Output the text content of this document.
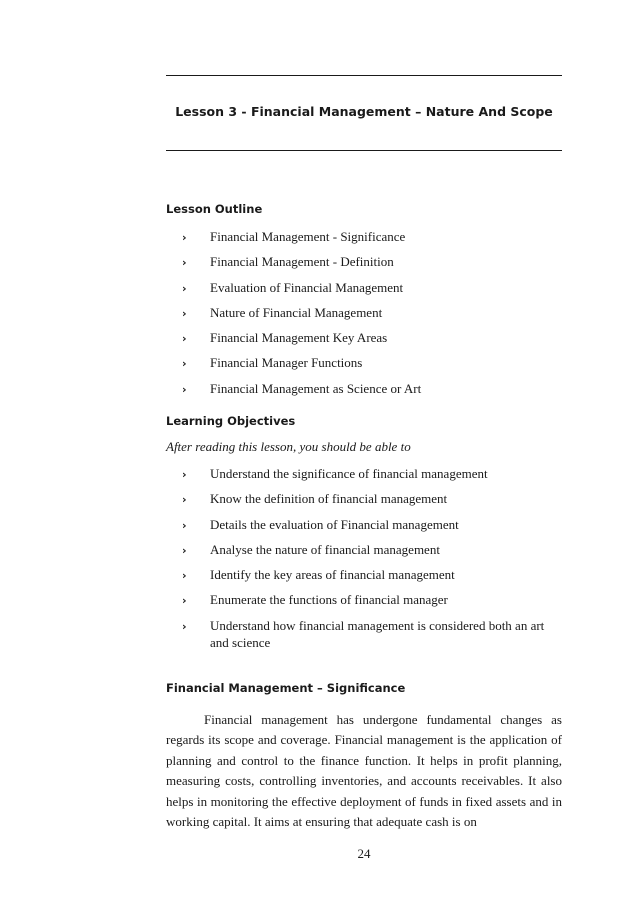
Lesson 3 - Financial Management – Nature And Scope
Lesson Outline
› Financial Management - Significance
› Financial Management - Definition
› Evaluation of Financial Management
› Nature of Financial Management
› Financial Management Key Areas
› Financial Manager Functions
› Financial Management as Science or Art
Learning Objectives
After reading this lesson, you should be able to
› Understand the significance of financial management
› Know the definition of financial management
› Details the evaluation of Financial management
› Analyse the nature of financial management
› Identify the key areas of financial management
› Enumerate the functions of financial manager
› Understand how financial management is considered both an art and science
Financial Management – Significance

Financial management has undergone fundamental changes as regards its scope and coverage. Financial management is the application of planning and control to the finance function. It helps in profit planning, measuring costs, controlling inventories, and accounts receivables. It also helps in monitoring the effective deployment of funds in fixed assets and in working capital. It aims at ensuring that adequate cash is on

24
